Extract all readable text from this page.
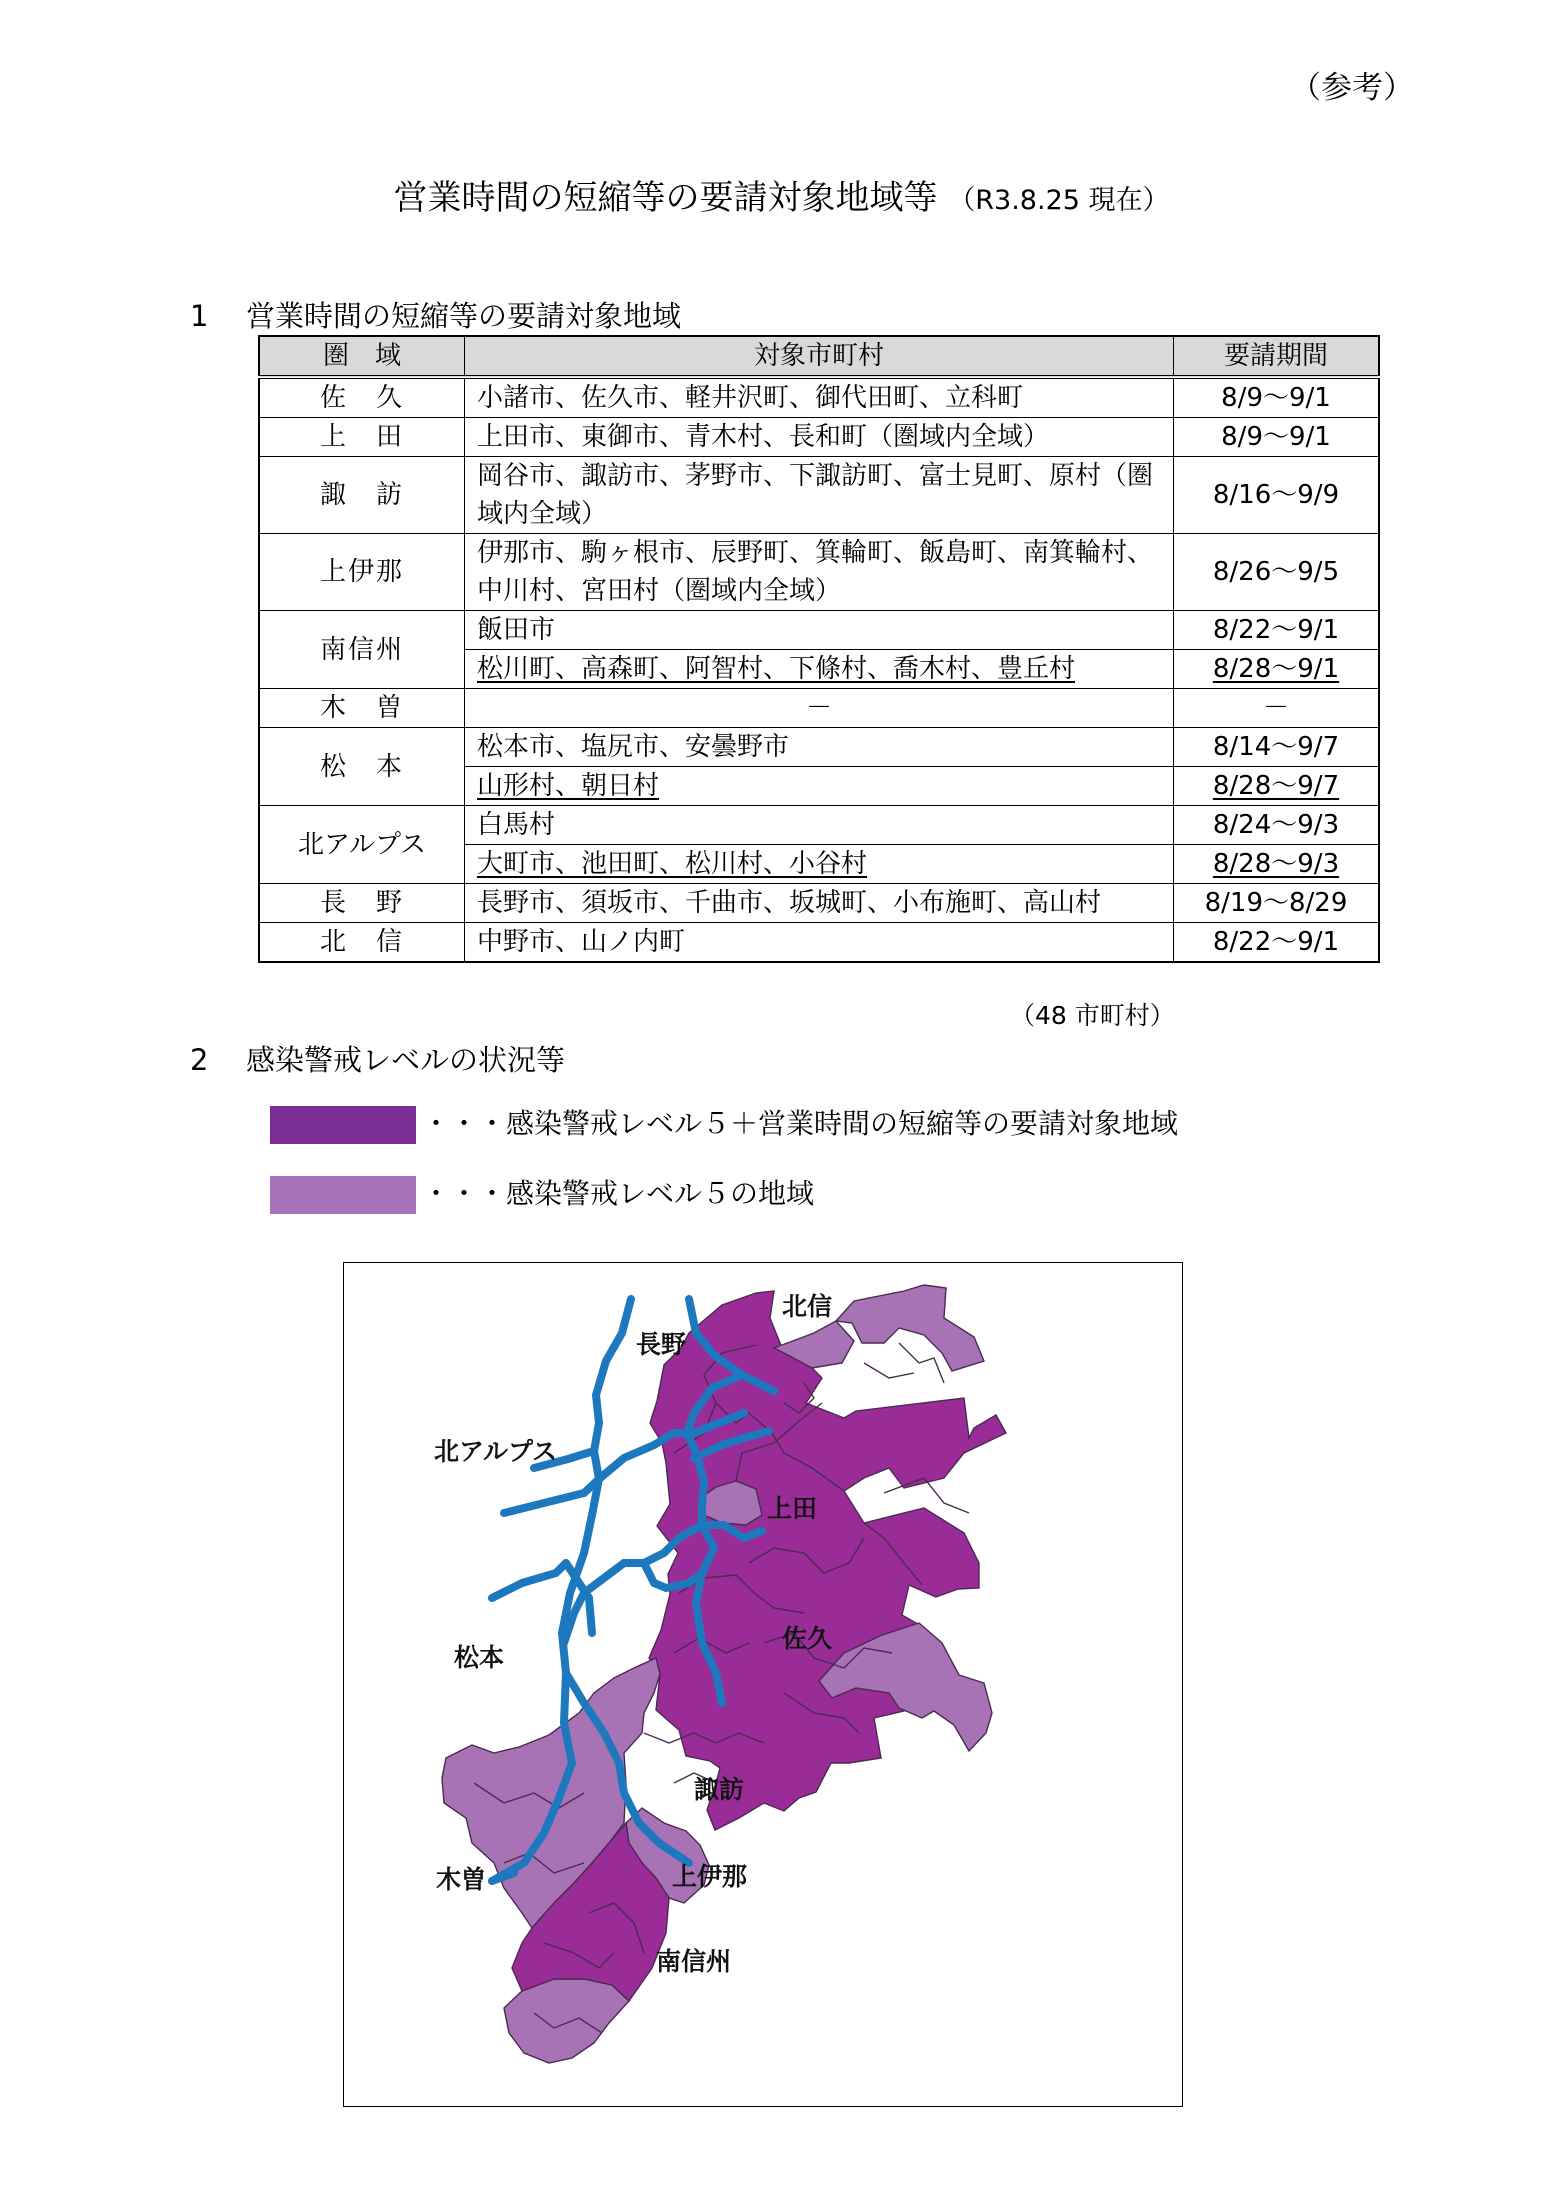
（参考）
営業時間の短縮等の要請対象地域等 （R3.8.25 現在）
1 営業時間の短縮等の要請対象地域
圏　域	対象市町村	要請期間
佐　久	小諸市、佐久市、軽井沢町、御代田町、立科町	8/9～9/1
上　田	上田市、東御市、青木村、長和町（圏域内全域）	8/9～9/1
諏　訪	岡谷市、諏訪市、茅野市、下諏訪町、富士見町、原村（圏域内全域）	8/16～9/9
上伊那	伊那市、駒ヶ根市、辰野町、箕輪町、飯島町、南箕輪村、中川村、宮田村（圏域内全域）	8/26～9/5
南信州	飯田市	8/22～9/1
	松川町、高森町、阿智村、下條村、喬木村、豊丘村	8/28～9/1
木　曽	－	－
松　本	松本市、塩尻市、安曇野市	8/14～9/7
	山形村、朝日村	8/28～9/7
北アルプス	白馬村	8/24～9/3
	大町市、池田町、松川村、小谷村	8/28～9/3
長　野	長野市、須坂市、千曲市、坂城町、小布施町、高山村	8/19～8/29
北　信	中野市、山ノ内町	8/22～9/1
（48 市町村）
2 感染警戒レベルの状況等
・・・感染警戒レベル５＋営業時間の短縮等の要請対象地域
・・・感染警戒レベル５の地域
長野
北信
北アルプス
上田
松本
佐久
諏訪
木曽	上伊那
南信州
